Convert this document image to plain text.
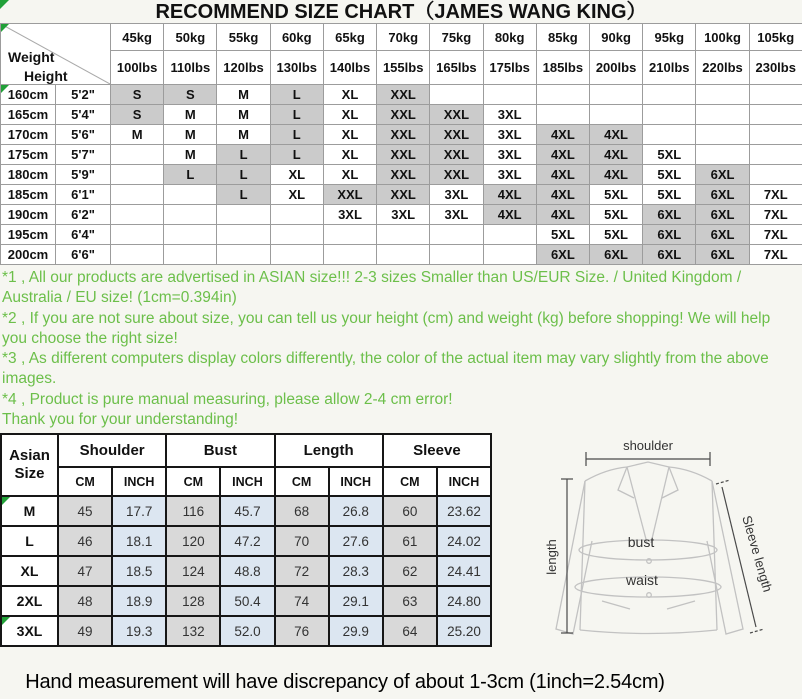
RECOMMEND SIZE CHART（JAMES WANG KING）
Weight
Height		45kg	50kg	55kg	60kg	65kg	70kg	75kg	80kg	85kg	90kg	95kg	100kg	105kg
		100lbs	110lbs	120lbs	130lbs	140lbs	155lbs	165lbs	175lbs	185lbs	200lbs	210lbs	220lbs	230lbs
160cm	5'2"	S	S	M	L	XL	XXL							
165cm	5'4"	S	M	M	L	XL	XXL	XXL	3XL					
170cm	5'6"	M	M	M	L	XL	XXL	XXL	3XL	4XL	4XL			
175cm	5'7"		M	L	L	XL	XXL	XXL	3XL	4XL	4XL	5XL		
180cm	5'9"		L	L	XL	XL	XXL	XXL	3XL	4XL	4XL	5XL	6XL	
185cm	6'1"			L	XL	XXL	XXL	3XL	4XL	4XL	5XL	5XL	6XL	7XL
190cm	6'2"					3XL	3XL	3XL	4XL	4XL	5XL	6XL	6XL	7XL
195cm	6'4"									5XL	5XL	6XL	6XL	7XL
200cm	6'6"									6XL	6XL	6XL	6XL	7XL

*1 , All our products are advertised in ASIAN size!!! 2-3 sizes Smaller than US/EUR Size. / United Kingdom / Australia / EU size! (1cm=0.394in)

*2 , If you are not sure about size, you can tell us your height (cm) and weight (kg) before shopping! We will help you choose the right size!

*3 , As different computers display colors differently, the color of the actual item may vary slightly from the above images.

*4 , Product is pure manual measuring, please allow 2-4 cm error!

Thank you for your understanding!

Asian Size	Shoulder		Bust		Length		Sleeve	
	CM	INCH	CM	INCH	CM	INCH	CM	INCH
M	45	17.7	116	45.7	68	26.8	60	23.62
L	46	18.1	120	47.2	70	27.6	61	24.02
XL	47	18.5	124	48.8	72	28.3	62	24.41
2XL	48	18.9	128	50.4	74	29.1	63	24.80
3XL	49	19.3	132	52.0	76	29.9	64	25.20
shoulder
length	bust
waist	Sleeve length
Hand measurement will have discrepancy of about 1-3cm (1inch=2.54cm)
